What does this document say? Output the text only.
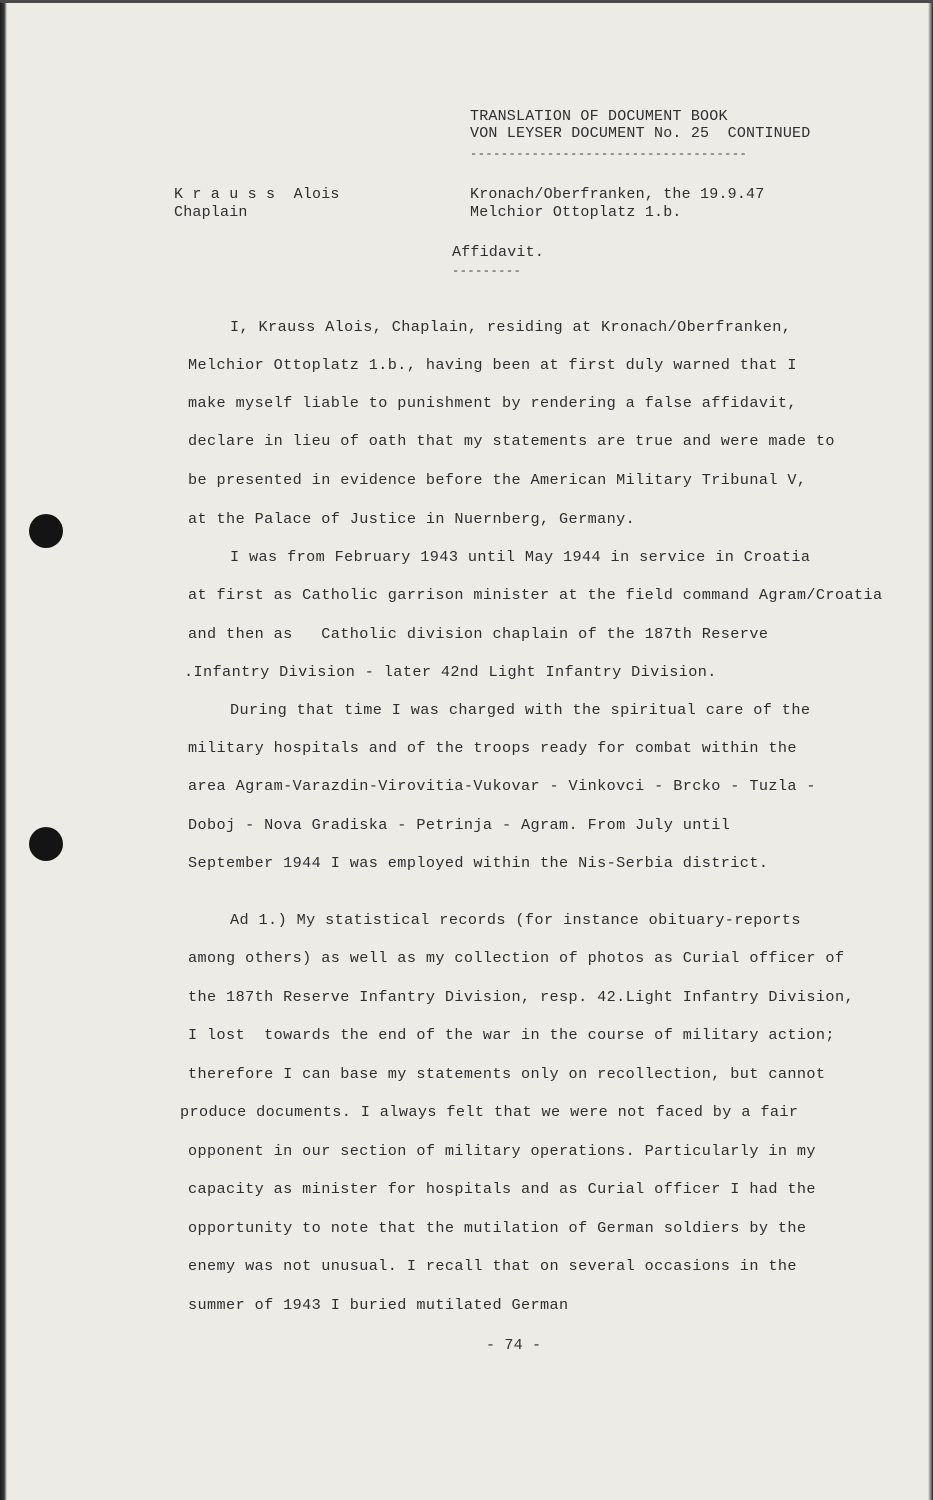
TRANSLATION OF DOCUMENT BOOK
VON LEYSER DOCUMENT No. 25  CONTINUED
------------------------------------
K r a u s s  Alois
Chaplain
Kronach/Oberfranken, the 19.9.47
Melchior Ottoplatz 1.b.
Affidavit.
---------
I, Krauss Alois, Chaplain, residing at Kronach/Oberfranken,
Melchior Ottoplatz 1.b., having been at first duly warned that I
make myself liable to punishment by rendering a false affidavit,
declare in lieu of oath that my statements are true and were made to
be presented in evidence before the American Military Tribunal V,
at the Palace of Justice in Nuernberg, Germany.
I was from February 1943 until May 1944 in service in Croatia
at first as Catholic garrison minister at the field command Agram/Croatia
and then as   Catholic division chaplain of the 187th Reserve
.Infantry Division - later 42nd Light Infantry Division.
During that time I was charged with the spiritual care of the
military hospitals and of the troops ready for combat within the
area Agram-Varazdin-Virovitia-Vukovar - Vinkovci - Brcko - Tuzla -
Doboj - Nova Gradiska - Petrinja - Agram. From July until
September 1944 I was employed within the Nis-Serbia district.
Ad 1.) My statistical records (for instance obituary-reports
among others) as well as my collection of photos as Curial officer of
the 187th Reserve Infantry Division, resp. 42.Light Infantry Division,
I lost  towards the end of the war in the course of military action;
therefore I can base my statements only on recollection, but cannot
produce documents. I always felt that we were not faced by a fair
opponent in our section of military operations. Particularly in my
capacity as minister for hospitals and as Curial officer I had the
opportunity to note that the mutilation of German soldiers by the
enemy was not unusual. I recall that on several occasions in the
summer of 1943 I buried mutilated German
- 74 -
